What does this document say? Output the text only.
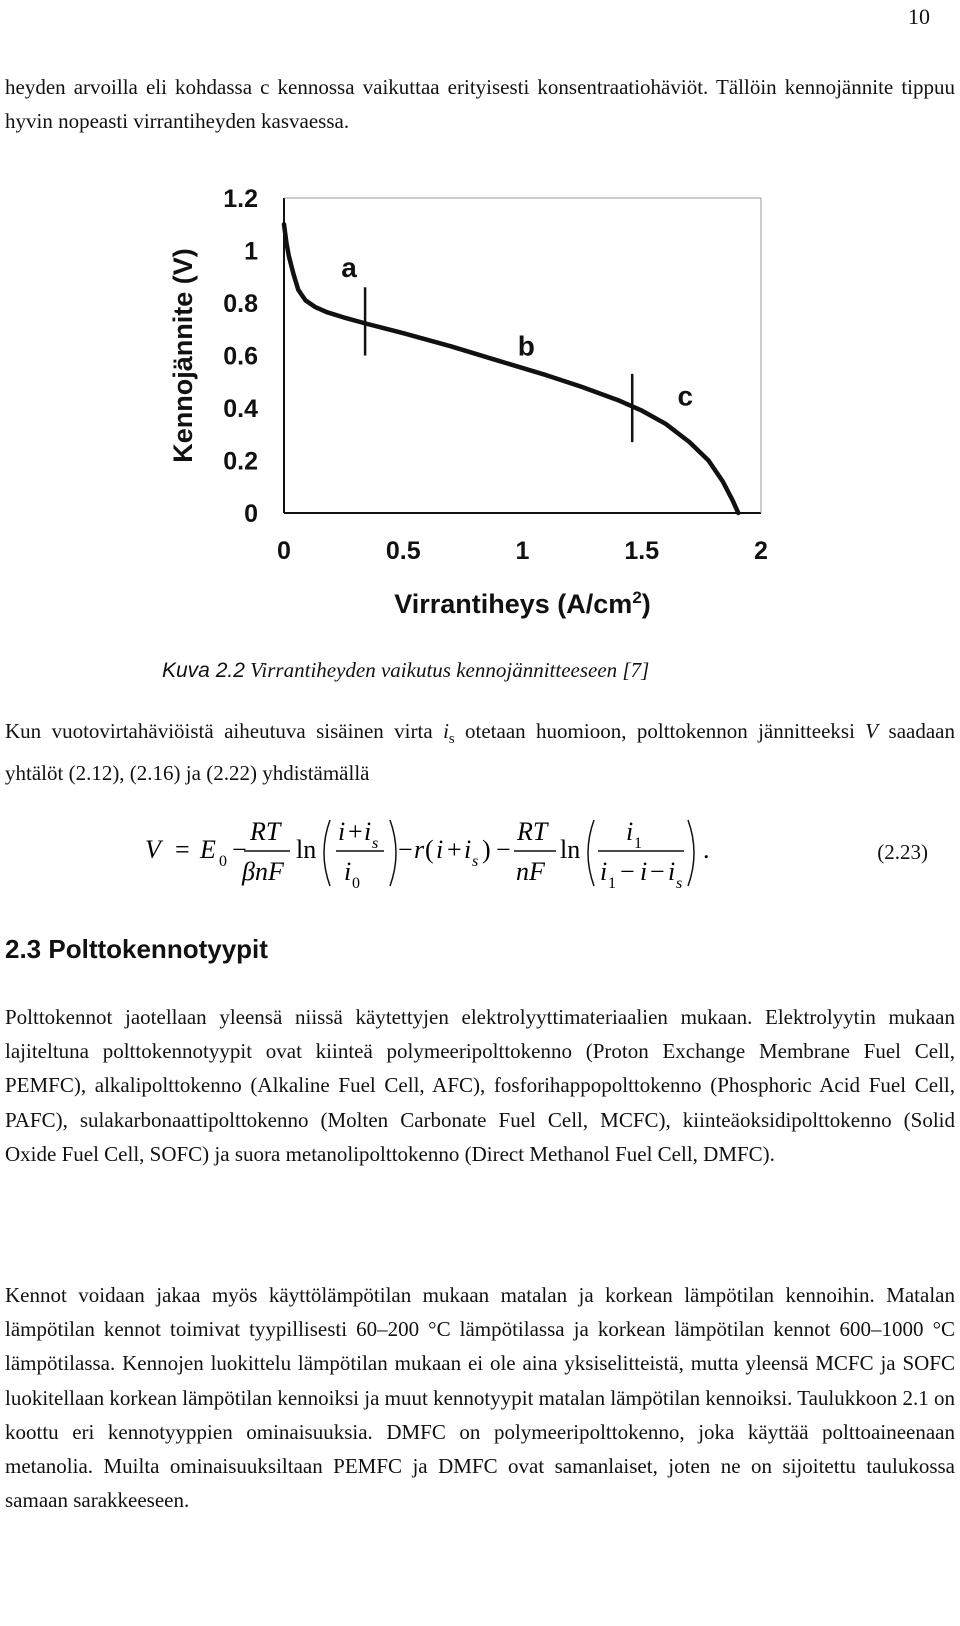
10

heyden arvoilla eli kohdassa c kennossa vaikuttaa erityisesti konsentraatiohäviöt. Tällöin kennojännite tippuu hyvin nopeasti virrantiheyden kasvaessa.

0
0.2
0.4
0.6
0.8
1
1.2
0	0.5	1	1.5	2
a
b
c
Kennojännite (V)
Virrantiheys $(A/cm^2)$
Kuva 2.2 Virrantiheyden vaikutus kennojännitteeseen [7]

Kun vuotovirtahäviöistä aiheutuva sisäinen virta $i_s$ otetaan huomioon, polttokennon jännitteeksi V saadaan yhtälöt (2.12), (2.16) ja (2.22) yhdistämällä

V = E 0 −
RT
βnF
ln
i + i s
i 0
− r ( i + i s ) −
RT
nF
ln
i 1
i 1 − i − i s
.	(2.23)
2.3 Polttokennotyypit

Polttokennot jaotellaan yleensä niissä käytettyjen elektrolyyttimateriaalien mukaan. Elektrolyytin mukaan lajiteltuna polttokennotyypit ovat kiinteä polymeeripolttokenno (Proton Exchange Membrane Fuel Cell, PEMFC), alkalipolttokenno (Alkaline Fuel Cell, AFC), fosforihappopolttokenno (Phosphoric Acid Fuel Cell, PAFC), sulakarbonaattipolttokenno (Molten Carbonate Fuel Cell, MCFC), kiinteäoksidipolttokenno (Solid Oxide Fuel Cell, SOFC) ja suora metanolipolttokenno (Direct Methanol Fuel Cell, DMFC).

Kennot voidaan jakaa myös käyttölämpötilan mukaan matalan ja korkean lämpötilan kennoihin. Matalan lämpötilan kennot toimivat tyypillisesti 60–200 °C lämpötilassa ja korkean lämpötilan kennot 600–1000 °C lämpötilassa. Kennojen luokittelu lämpötilan mukaan ei ole aina yksiselitteistä, mutta yleensä MCFC ja SOFC luokitellaan korkean lämpötilan kennoiksi ja muut kennotyypit matalan lämpötilan kennoiksi. Taulukkoon 2.1 on koottu eri kennotyyppien ominaisuuksia. DMFC on polymeeripolttokenno, joka käyttää polttoaineenaan metanolia. Muilta ominaisuuksiltaan PEMFC ja DMFC ovat samanlaiset, joten ne on sijoitettu taulukossa samaan sarakkeeseen.
